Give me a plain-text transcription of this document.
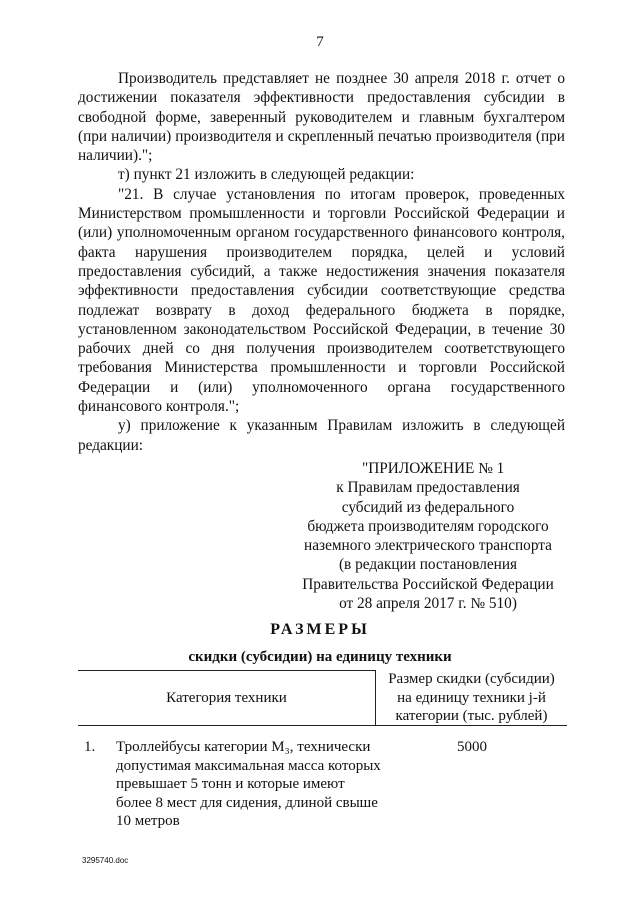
7

Производитель представляет не позднее 30 апреля 2018 г. отчет о достижении показателя эффективности предоставления субсидии в свободной форме, заверенный руководителем и главным бухгалтером (при наличии) производителя и скрепленный печатью производителя (при наличии).";

т) пункт 21 изложить в следующей редакции:

"21. В случае установления по итогам проверок, проведенных Министерством промышленности и торговли Российской Федерации и (или) уполномоченным органом государственного финансового контроля, факта нарушения производителем порядка, целей и условий предоставления субсидий, а также недостижения значения показателя эффективности предоставления субсидии соответствующие средства подлежат возврату в доход федерального бюджета в порядке, установленном законодательством Российской Федерации, в течение 30 рабочих дней со дня получения производителем соответствующего требования Министерства промышленности и торговли Российской Федерации и (или) уполномоченного органа государственного финансового контроля.";

у) приложение к указанным Правилам изложить в следующей редакции:

"ПРИЛОЖЕНИЕ № 1
к Правилам предоставления
субсидий из федерального
бюджета производителям городского
наземного электрического транспорта
(в редакции постановления
Правительства Российской Федерации
от 28 апреля 2017 г. № 510)
РАЗМЕРЫ
скидки (субсидии) на единицу техники
Категория техники
Размер скидки (субсидии)
на единицу техники j-й
категории (тыс. рублей)
1.	Троллейбусы категории M₃, технически
допустимая максимальная масса которых
превышает 5 тонн и которые имеют
более 8 мест для сидения, длиной свыше
10 метров
5000
3295740.doc
